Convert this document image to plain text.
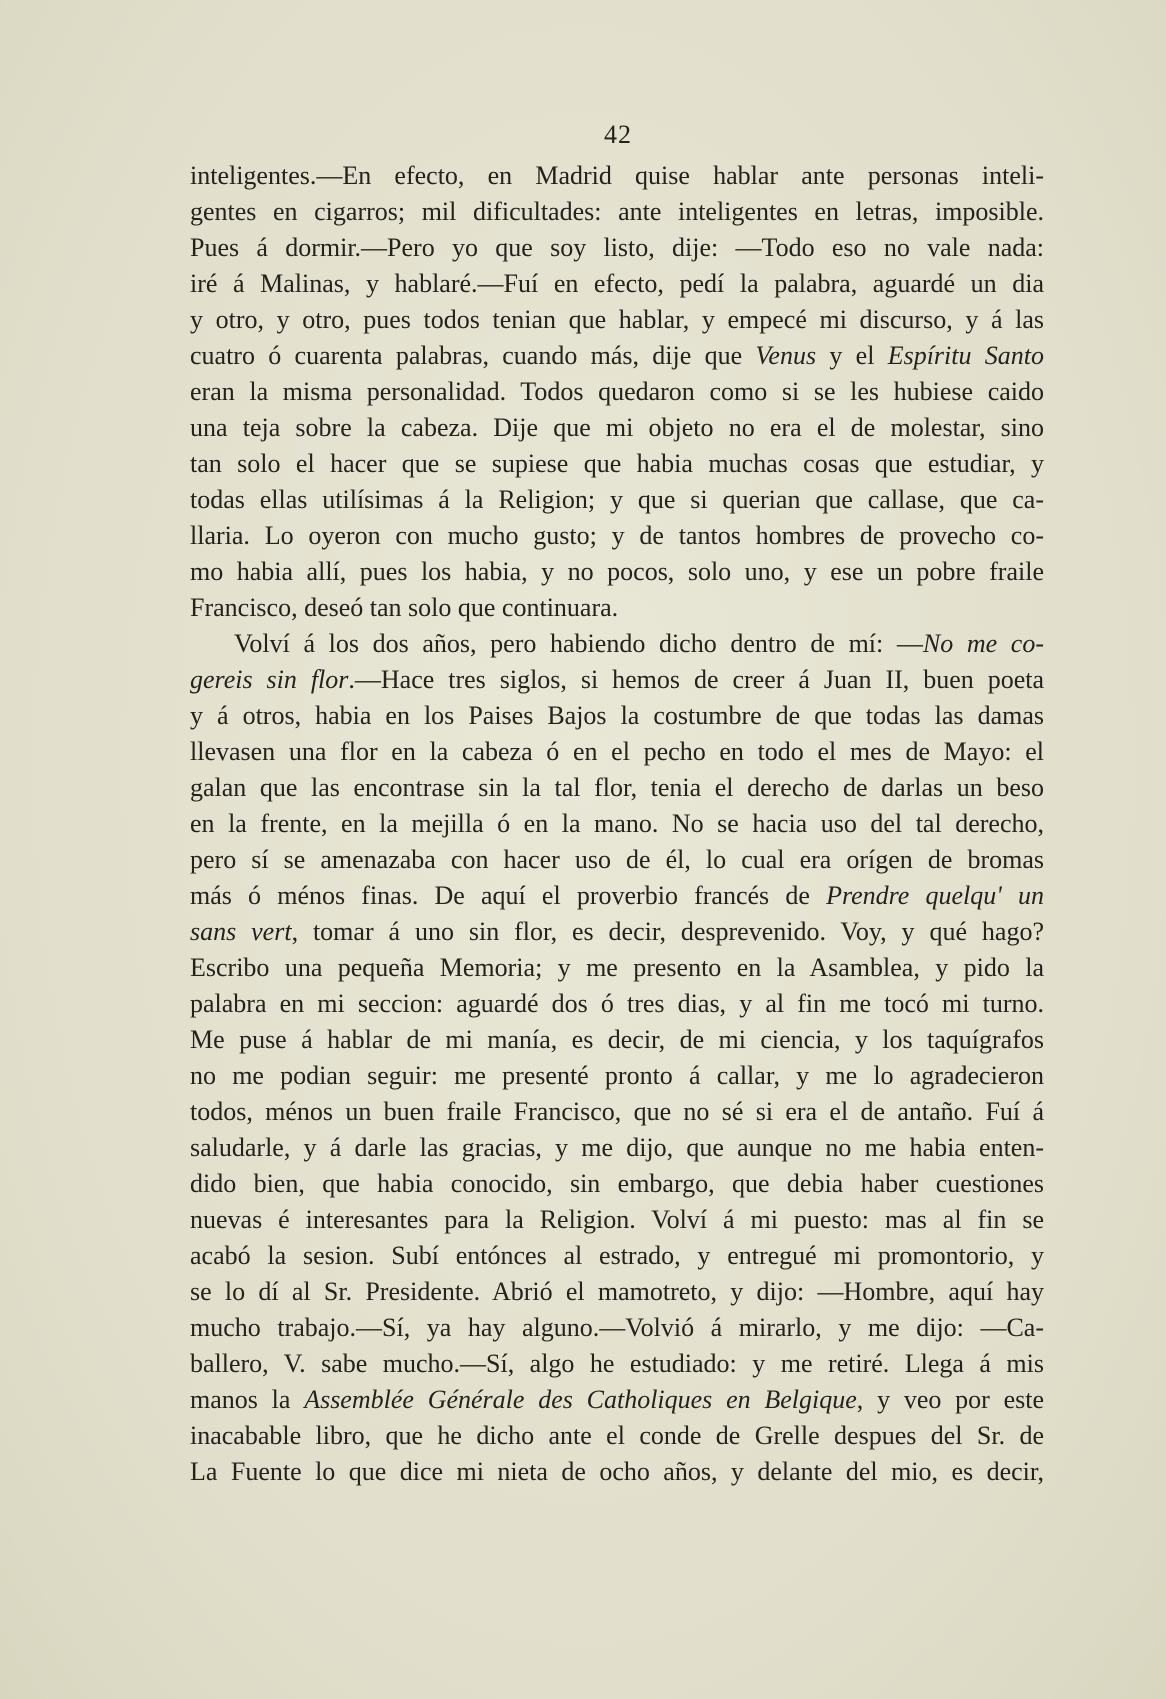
42
inteligentes.—En efecto, en Madrid quise hablar ante personas inteli-
gentes en cigarros; mil dificultades: ante inteligentes en letras, imposible.
Pues á dormir.—Pero yo que soy listo, dije: —Todo eso no vale nada:
iré á Malinas, y hablaré.—Fuí en efecto, pedí la palabra, aguardé un dia
y otro, y otro, pues todos tenian que hablar, y empecé mi discurso, y á las
cuatro ó cuarenta palabras, cuando más, dije que Venus y el Espíritu Santo
eran la misma personalidad. Todos quedaron como si se les hubiese caido
una teja sobre la cabeza. Dije que mi objeto no era el de molestar, sino
tan solo el hacer que se supiese que habia muchas cosas que estudiar, y
todas ellas utilísimas á la Religion; y que si querian que callase, que ca-
llaria. Lo oyeron con mucho gusto; y de tantos hombres de provecho co-
mo habia allí, pues los habia, y no pocos, solo uno, y ese un pobre fraile
Francisco, deseó tan solo que continuara.
Volví á los dos años, pero habiendo dicho dentro de mí: — No me co-
gereis sin flor .—Hace tres siglos, si hemos de creer á Juan II, buen poeta
y á otros, habia en los Paises Bajos la costumbre de que todas las damas
llevasen una flor en la cabeza ó en el pecho en todo el mes de Mayo: el
galan que las encontrase sin la tal flor, tenia el derecho de darlas un beso
en la frente, en la mejilla ó en la mano. No se hacia uso del tal derecho,
pero sí se amenazaba con hacer uso de él, lo cual era orígen de bromas
más ó ménos finas. De aquí el proverbio francés de Prendre quelqu' un
sans vert , tomar á uno sin flor, es decir, desprevenido. Voy, y qué hago?
Escribo una pequeña Memoria; y me presento en la Asamblea, y pido la
palabra en mi seccion: aguardé dos ó tres dias, y al fin me tocó mi turno.
Me puse á hablar de mi manía, es decir, de mi ciencia, y los taquígrafos
no me podian seguir: me presenté pronto á callar, y me lo agradecieron
todos, ménos un buen fraile Francisco, que no sé si era el de antaño. Fuí á
saludarle, y á darle las gracias, y me dijo, que aunque no me habia enten-
dido bien, que habia conocido, sin embargo, que debia haber cuestiones
nuevas é interesantes para la Religion. Volví á mi puesto: mas al fin se
acabó la sesion. Subí entónces al estrado, y entregué mi promontorio, y
se lo dí al Sr. Presidente. Abrió el mamotreto, y dijo: —Hombre, aquí hay
mucho trabajo.—Sí, ya hay alguno.—Volvió á mirarlo, y me dijo: —Ca-
ballero, V. sabe mucho.—Sí, algo he estudiado: y me retiré. Llega á mis
manos la Assemblée Générale des Catholiques en Belgique , y veo por este
inacabable libro, que he dicho ante el conde de Grelle despues del Sr. de
La Fuente lo que dice mi nieta de ocho años, y delante del mio, es decir,
